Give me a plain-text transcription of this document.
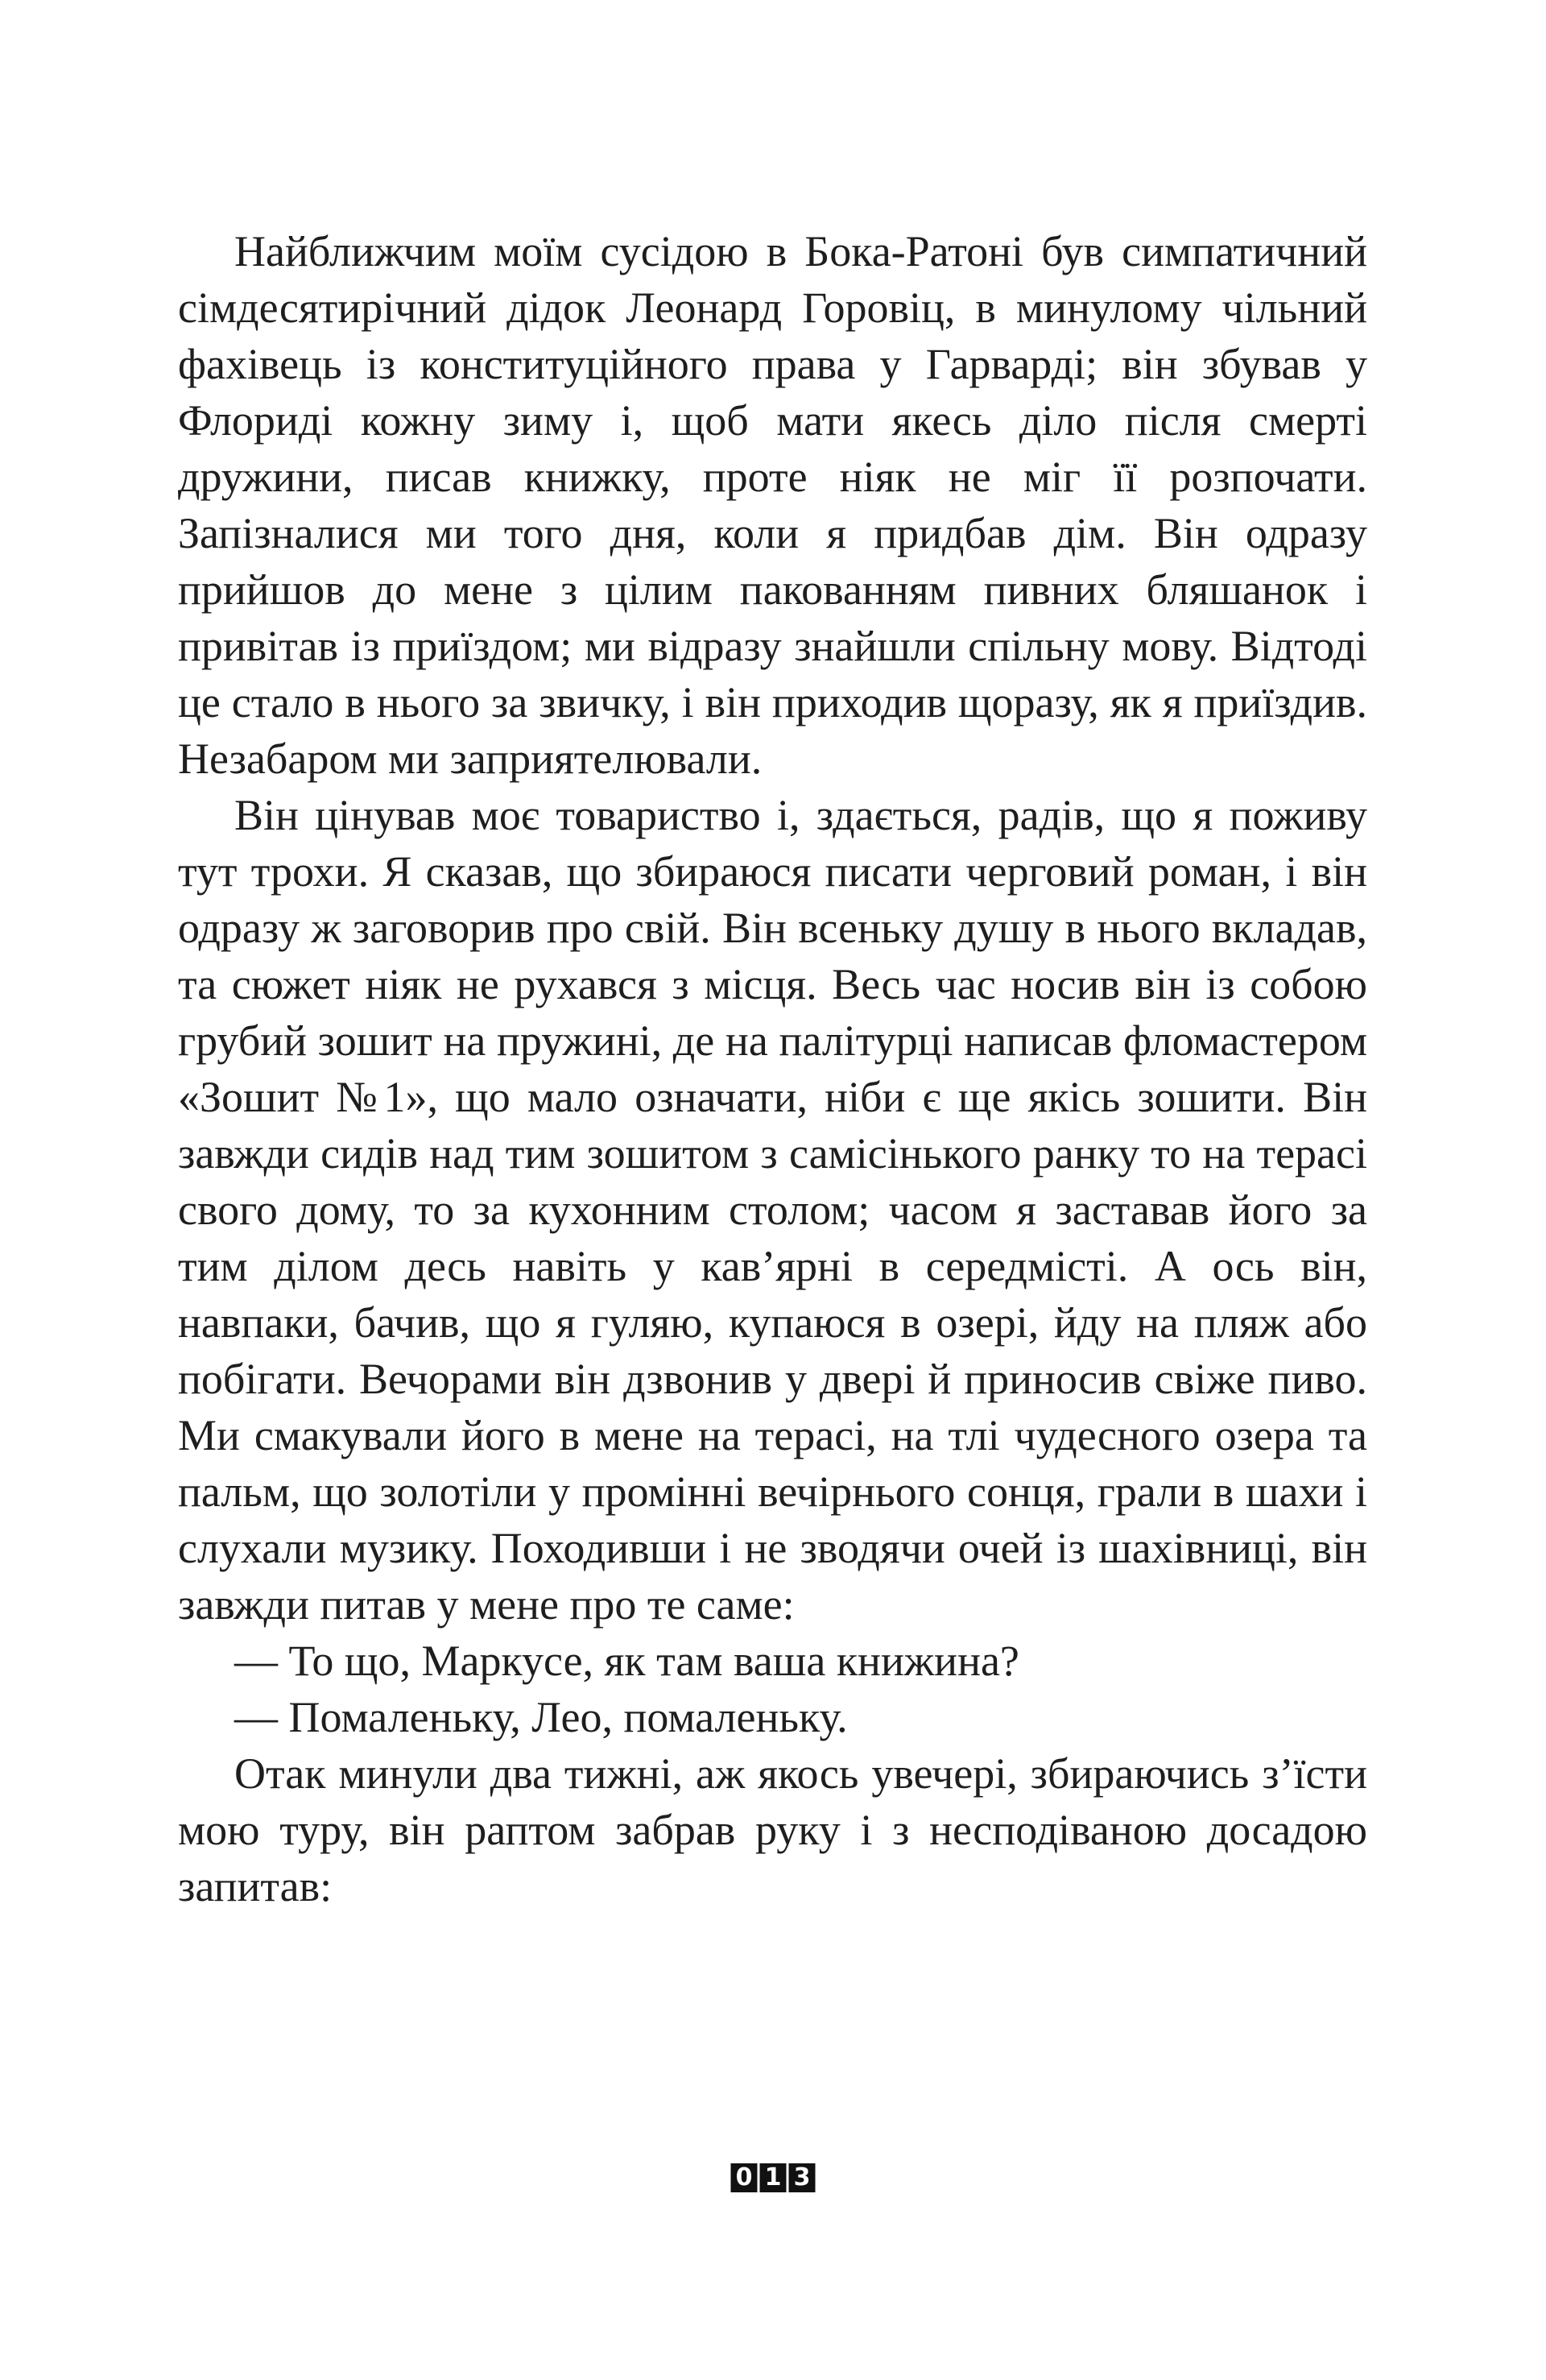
Найближчим моїм сусідою в Бока-Ратоні був симпатичний сімдесятирічний дідок Леонард Горовіц, в минулому чільний фахівець із конституційного права у Гарварді; він збував у Флориді кожну зиму і, щоб мати якесь діло після смерті дружини, писав книжку, проте ніяк не міг її розпочати. Запізналися ми того дня, коли я придбав дім. Він одразу прийшов до мене з цілим пакованням пивних бляшанок і привітав із приїздом; ми відразу знайшли спільну мову. Відтоді це стало в нього за звичку, і він приходив щоразу, як я приїздив. Незабаром ми заприятелювали.

Він цінував моє товариство і, здається, радів, що я поживу тут трохи. Я сказав, що збираюся писати черговий роман, і він одразу ж заговорив про свій. Він всеньку душу в нього вкладав, та сюжет ніяк не рухався з місця. Весь час носив він із собою грубий зошит на пружині, де на палітурці написав фломастером «Зошит №1», що мало означати, ніби є ще якісь зошити. Він завжди сидів над тим зошитом з самісінького ранку то на терасі свого дому, то за кухонним столом; часом я заставав його за тим ділом десь навіть у кав’ярні в середмісті. А ось він, навпаки, бачив, що я гуляю, купаюся в озері, йду на пляж або побігати. Вечорами він дзвонив у двері й приносив свіже пиво. Ми смакували його в мене на терасі, на тлі чудесного озера та пальм, що золотіли у промінні вечірнього сонця, грали в шахи і слухали музику. Походивши і не зводячи очей із шахівниці, він завжди питав у мене про те саме:

— То що, Маркусе, як там ваша книжина?

— Помаленьку, Лео, помаленьку.

Отак минули два тижні, аж якось увечері, збираючись з’їсти мою туру, він раптом забрав руку і з несподіваною досадою запитав:

0 1 3
